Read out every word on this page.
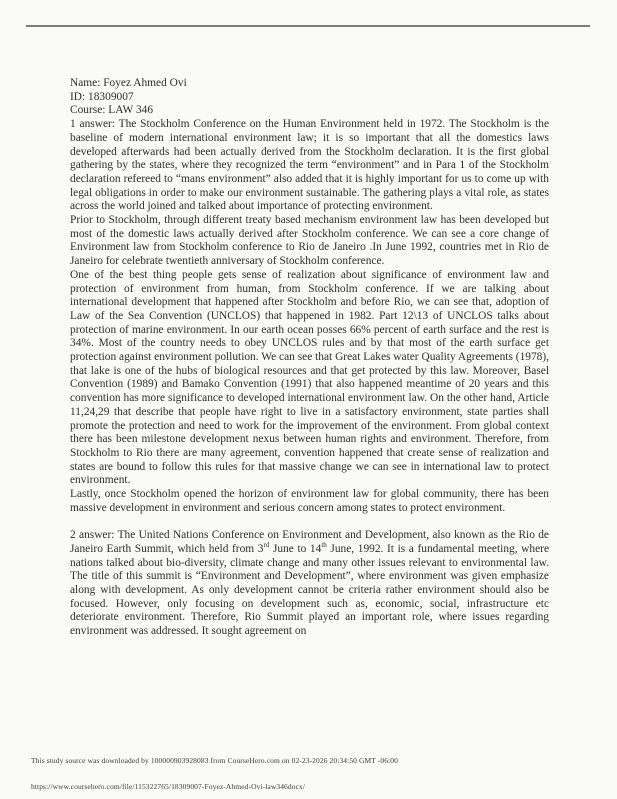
Name: Foyez Ahmed Ovi

ID: 18309007

Course: LAW 346

1 answer: The Stockholm Conference on the Human Environment held in 1972. The Stockholm is the baseline of modern international environment law; it is so important that all the domestics laws developed afterwards had been actually derived from the Stockholm declaration. It is the first global gathering by the states, where they recognized the term “environment” and in Para 1 of the Stockholm declaration refereed to “mans environment” also added that it is highly important for us to come up with legal obligations in order to make our environment sustainable. The gathering plays a vital role, as states across the world joined and talked about importance of protecting environment.

Prior to Stockholm, through different treaty based mechanism environment law has been developed but most of the domestic laws actually derived after Stockholm conference. We can see a core change of Environment law from Stockholm conference to Rio de Janeiro .In June 1992, countries met in Rio de Janeiro for celebrate twentieth anniversary of Stockholm conference.

One of the best thing people gets sense of realization about significance of environment law and protection of environment from human, from Stockholm conference. If we are talking about international development that happened after Stockholm and before Rio, we can see that, adoption of Law of the Sea Convention (UNCLOS) that happened in 1982. Part 12\13 of UNCLOS talks about protection of marine environment. In our earth ocean posses 66% percent of earth surface and the rest is 34%. Most of the country needs to obey UNCLOS rules and by that most of the earth surface get protection against environment pollution. We can see that Great Lakes water Quality Agreements (1978), that lake is one of the hubs of biological resources and that get protected by this law. Moreover, Basel Convention (1989) and Bamako Convention (1991) that also happened meantime of 20 years and this convention has more significance to developed international environment law. On the other hand, Article 11,24,29 that describe that people have right to live in a satisfactory environment, state parties shall promote the protection and need to work for the improvement of the environment. From global context there has been milestone development nexus between human rights and environment. Therefore, from Stockholm to Rio there are many agreement, convention happened that create sense of realization and states are bound to follow this rules for that massive change we can see in international law to protect environment.

Lastly, once Stockholm opened the horizon of environment law for global community, there has been massive development in environment and serious concern among states to protect environment.

2 answer: The United Nations Conference on Environment and Development, also known as the Rio de Janeiro Earth Summit, which held from 3rd June to 14th June, 1992. It is a fundamental meeting, where nations talked about bio-diversity, climate change and many other issues relevant to environmental law. The title of this summit is “Environment and Development”, where environment was given emphasize along with development. As only development cannot be criteria rather environment should also be focused. However, only focusing on development such as, economic, social, infrastructure etc deteriorate environment. Therefore, Rio Summit played an important role, where issues regarding environment was addressed. It sought agreement on

This study source was downloaded by 100000903928083 from CourseHero.com on 02-23-2026 20:34:50 GMT -06:00
https://www.coursehero.com/file/115322765/18309007-Foyez-Ahmed-Ovi-law346docx/
